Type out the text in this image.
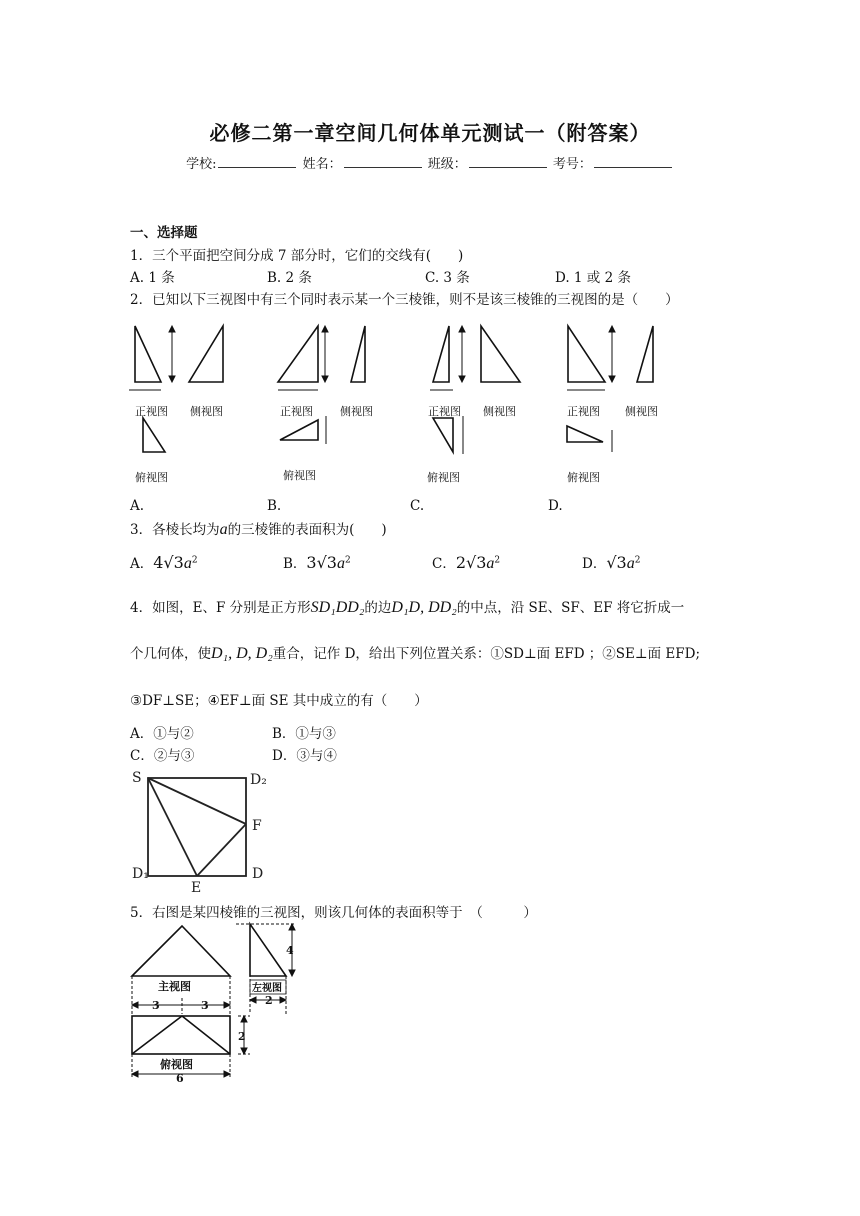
必修二第一章空间几何体单元测试一（附答案）
学校:	姓名：	班级：	考号：
一、选择题
1．三个平面把空间分成 7 部分时，它们的交线有(　　)
A. 1 条	B. 2 条	C. 3 条	D. 1 或 2 条
2．已知以下三视图中有三个同时表示某一个三棱锥，则不是该三棱锥的三视图的是（　　）
正视图 侧视图
俯视图
正视图 侧视图
俯视图
正视图 侧视图
俯视图
正视图 侧视图
俯视图
A.	B.	C.	D.
3．各棱长均为a的三棱锥的表面积为(　　)
A．$4√3a^2$	B．$3√3a^2$	C．$2√3a^2$	D．$√3a^2$
4．如图，E、F 分别是正方形SD₁DD₂的边D₁D, DD₂的中点，沿 SE、SF、EF 将它折成一
个几何体，使D₁, D, D₂重合，记作 D，给出下列位置关系：①SD⊥面 EFD ；②SE⊥面 EFD;
③DF⊥SE；④EF⊥面 SE 其中成立的有（　　）
A．①与②	B．①与③
C．②与③	D．③与④
S	D₂
F
D₁
E
D
5．右图是某四棱锥的三视图，则该几何体的表面积等于　（　　　）
主视图	左视图
俯视图
3	3
4
2
2
6
